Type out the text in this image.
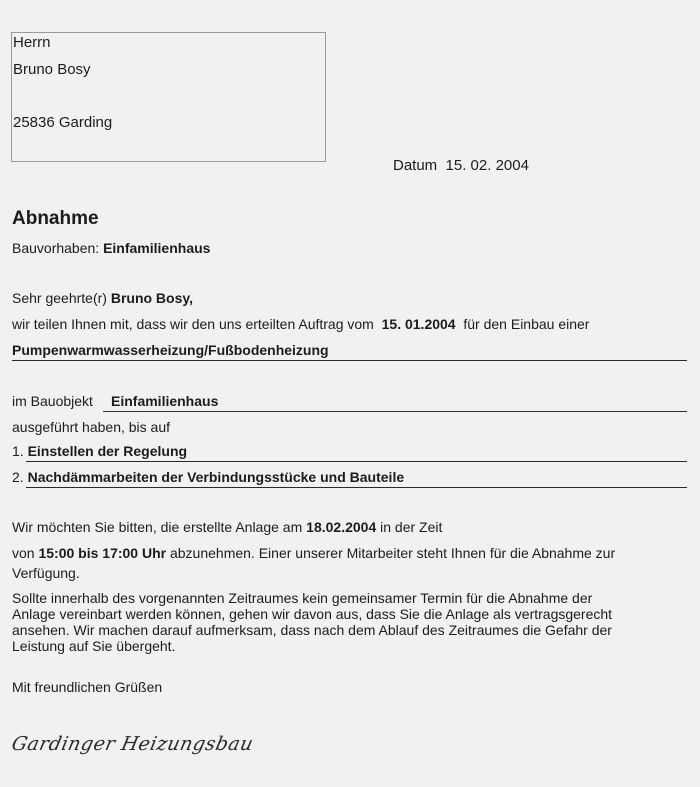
Herrn
Bruno Bosy
25836 Garding
Datum 15. 02. 2004
Abnahme
Bauvorhaben: Einfamilienhaus
Sehr geehrte(r) Bruno Bosy,
wir teilen Ihnen mit, dass wir den uns erteilten Auftrag vom 15. 01.2004 für den Einbau einer
Pumpenwarmwasserheizung/Fußbodenheizung
im Bauobjekt Einfamilienhaus
ausgeführt haben, bis auf
1. Einstellen der Regelung
2. Nachdämmarbeiten der Verbindungsstücke und Bauteile
Wir möchten Sie bitten, die erstellte Anlage am 18.02.2004 in der Zeit
von 15:00 bis 17:00 Uhr abzunehmen. Einer unserer Mitarbeiter steht Ihnen für die Abnahme zur
Verfügung.
Sollte innerhalb des vorgenannten Zeitraumes kein gemeinsamer Termin für die Abnahme der
Anlage vereinbart werden können, gehen wir davon aus, dass Sie die Anlage als vertragsgerecht
ansehen. Wir machen darauf aufmerksam, dass nach dem Ablauf des Zeitraumes die Gefahr der
Leistung auf Sie übergeht.
Mit freundlichen Grüßen
Gardinger Heizungsbau
